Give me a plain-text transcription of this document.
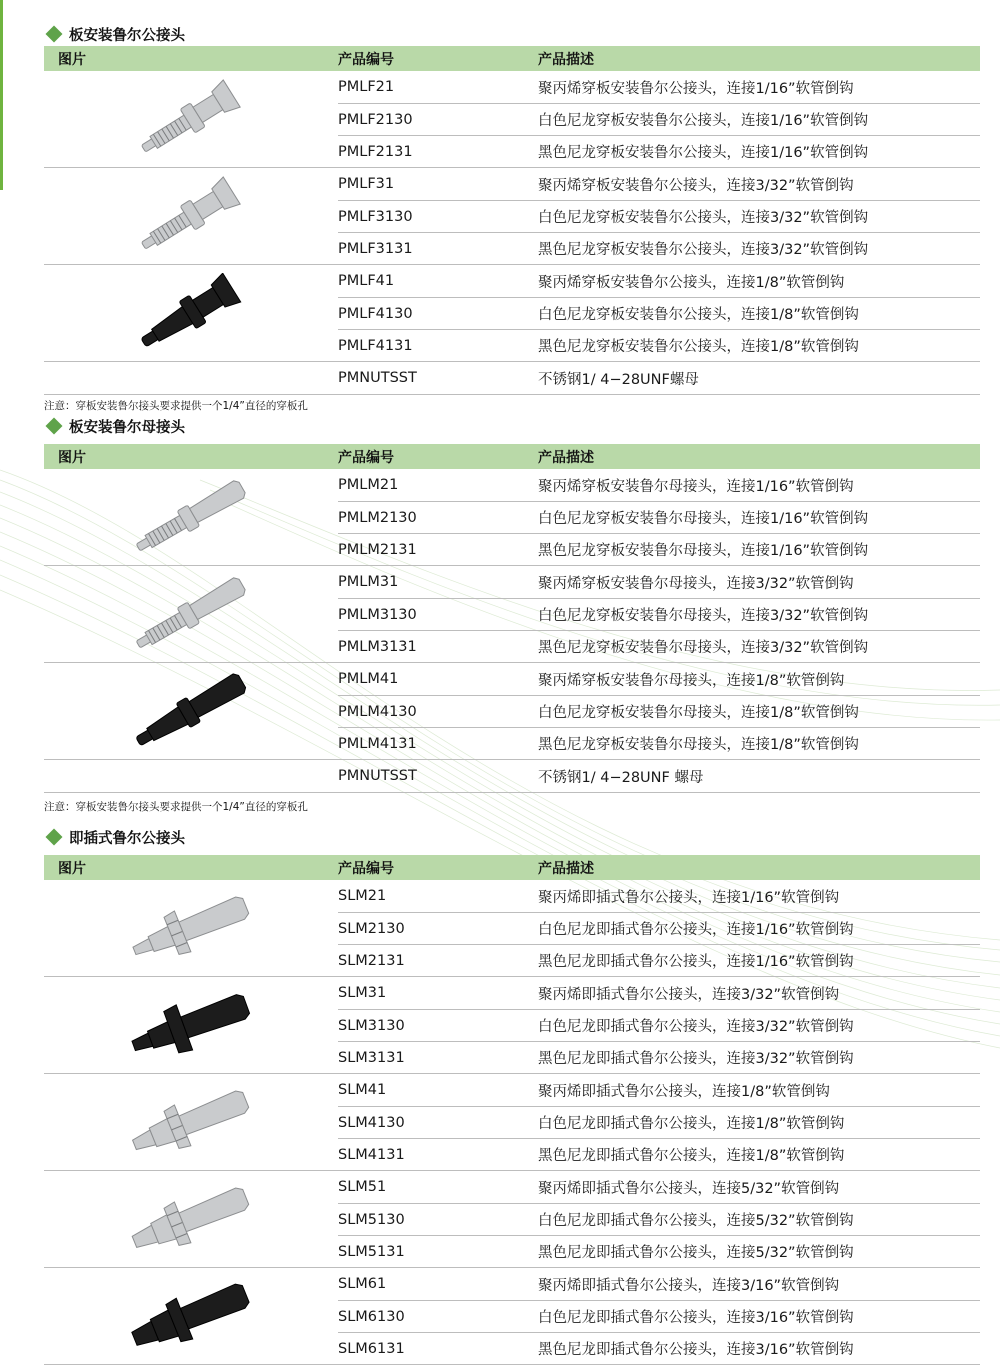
板安装鲁尔公接头
图片	产品编号	产品描述
PMLF21	聚丙烯穿板安装鲁尔公接头，连接1/16”软管倒钩
PMLF2130	白色尼龙穿板安装鲁尔公接头，连接1/16”软管倒钩
PMLF2131	黑色尼龙穿板安装鲁尔公接头，连接1/16”软管倒钩
PMLF31	聚丙烯穿板安装鲁尔公接头，连接3/32”软管倒钩
PMLF3130	白色尼龙穿板安装鲁尔公接头，连接3/32”软管倒钩
PMLF3131	黑色尼龙穿板安装鲁尔公接头，连接3/32”软管倒钩
PMLF41	聚丙烯穿板安装鲁尔公接头，连接1/8”软管倒钩
PMLF4130	白色尼龙穿板安装鲁尔公接头，连接1/8”软管倒钩
PMLF4131	黑色尼龙穿板安装鲁尔公接头，连接1/8”软管倒钩
PMNUTSST	不锈钢1/ 4−28UNF螺母
注意：穿板安装鲁尔接头要求提供一个1/4”直径的穿板孔
板安装鲁尔母接头
图片	产品编号	产品描述
PMLM21	聚丙烯穿板安装鲁尔母接头，连接1/16”软管倒钩
PMLM2130	白色尼龙穿板安装鲁尔母接头，连接1/16”软管倒钩
PMLM2131	黑色尼龙穿板安装鲁尔母接头，连接1/16”软管倒钩
PMLM31	聚丙烯穿板安装鲁尔母接头，连接3/32”软管倒钩
PMLM3130	白色尼龙穿板安装鲁尔母接头，连接3/32”软管倒钩
PMLM3131	黑色尼龙穿板安装鲁尔母接头，连接3/32”软管倒钩
PMLM41	聚丙烯穿板安装鲁尔母接头，连接1/8”软管倒钩
PMLM4130	白色尼龙穿板安装鲁尔母接头，连接1/8”软管倒钩
PMLM4131	黑色尼龙穿板安装鲁尔母接头，连接1/8”软管倒钩
PMNUTSST	不锈钢1/ 4−28UNF 螺母
注意：穿板安装鲁尔接头要求提供一个1/4”直径的穿板孔
即插式鲁尔公接头
图片	产品编号	产品描述
SLM21	聚丙烯即插式鲁尔公接头，连接1/16”软管倒钩
SLM2130	白色尼龙即插式鲁尔公接头，连接1/16”软管倒钩
SLM2131	黑色尼龙即插式鲁尔公接头，连接1/16”软管倒钩
SLM31	聚丙烯即插式鲁尔公接头，连接3/32”软管倒钩
SLM3130	白色尼龙即插式鲁尔公接头，连接3/32”软管倒钩
SLM3131	黑色尼龙即插式鲁尔公接头，连接3/32”软管倒钩
SLM41	聚丙烯即插式鲁尔公接头，连接1/8”软管倒钩
SLM4130	白色尼龙即插式鲁尔公接头，连接1/8”软管倒钩
SLM4131	黑色尼龙即插式鲁尔公接头，连接1/8”软管倒钩
SLM51	聚丙烯即插式鲁尔公接头，连接5/32”软管倒钩
SLM5130	白色尼龙即插式鲁尔公接头，连接5/32”软管倒钩
SLM5131	黑色尼龙即插式鲁尔公接头，连接5/32”软管倒钩
SLM61	聚丙烯即插式鲁尔公接头，连接3/16”软管倒钩
SLM6130	白色尼龙即插式鲁尔公接头，连接3/16”软管倒钩
SLM6131	黑色尼龙即插式鲁尔公接头，连接3/16”软管倒钩
